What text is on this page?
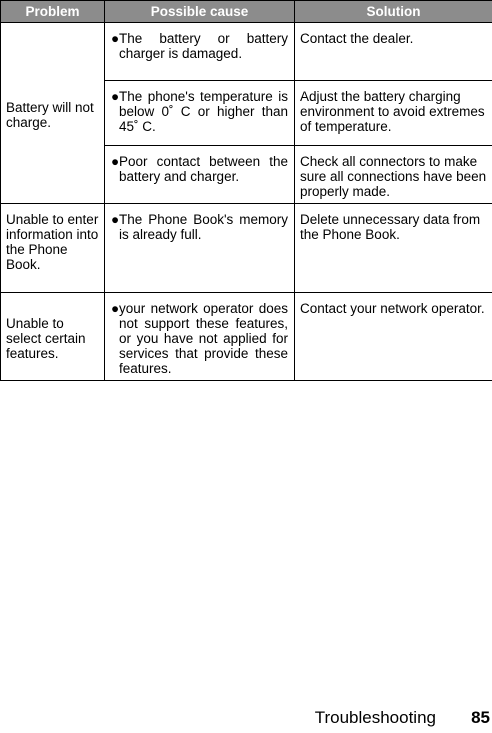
Problem	Possible cause	Solution
Battery will not charge.	● The battery or battery charger is damaged.	Contact the dealer.

	● The phone's temperature is below 0˚ C or higher than 45˚ C.	Adjust the battery charging environment to avoid extremes of temperature.

	● Poor contact between the battery and charger.	Check all connectors to make sure all connections have been properly made.
Unable to enter information into the Phone Book.	● The Phone Book's memory is already full.	Delete unnecessary data from the Phone Book.
Unable to select certain features.	● your network operator does not support these features, or you have not applied for services that provide these features.	Contact your network operator.
Troubleshooting 85
